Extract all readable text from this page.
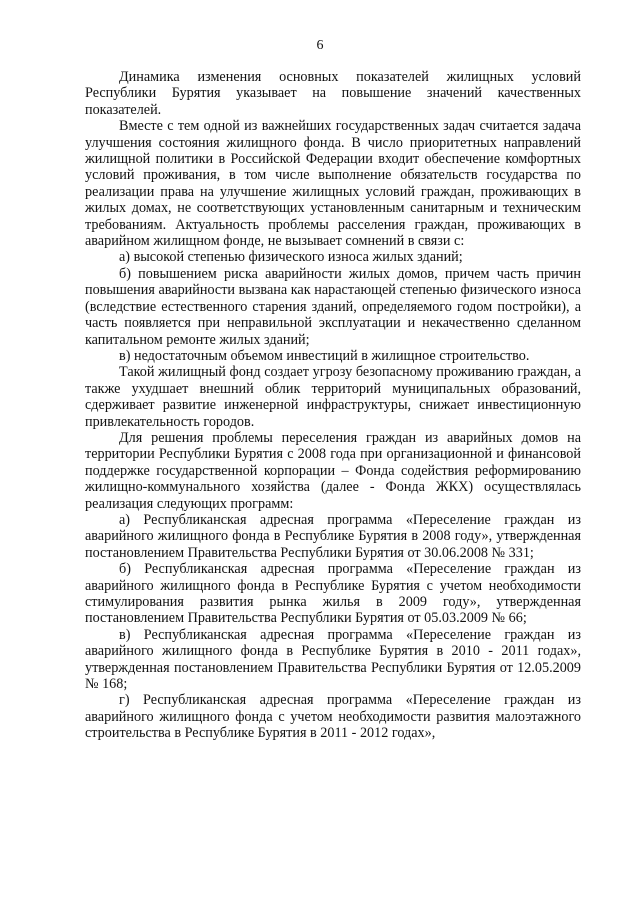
6

Динамика изменения основных показателей жилищных условий Республики Бурятия указывает на повышение значений качественных показателей.

Вместе с тем одной из важнейших государственных задач считается задача улучшения состояния жилищного фонда. В число приоритетных направлений жилищной политики в Российской Федерации входит обеспечение комфортных условий проживания, в том числе выполнение обязательств государства по реализации права на улучшение жилищных условий граждан, проживающих в жилых домах, не соответствующих установленным санитарным и техническим требованиям. Актуальность проблемы расселения граждан, проживающих в аварийном жилищном фонде, не вызывает сомнений в связи с:

а) высокой степенью физического износа жилых зданий;

б) повышением риска аварийности жилых домов, причем часть причин повышения аварийности вызвана как нарастающей степенью физического износа (вследствие естественного старения зданий, определяемого годом постройки), а часть появляется при неправильной эксплуатации и некачественно сделанном капитальном ремонте жилых зданий;

в) недостаточным объемом инвестиций в жилищное строительство.

Такой жилищный фонд создает угрозу безопасному проживанию граждан, а также ухудшает внешний облик территорий муниципальных образований, сдерживает развитие инженерной инфраструктуры, снижает инвестиционную привлекательность городов.

Для решения проблемы переселения граждан из аварийных домов на территории Республики Бурятия с 2008 года при организационной и финансовой поддержке государственной корпорации – Фонда содействия реформированию жилищно-коммунального хозяйства (далее - Фонда ЖКХ) осуществлялась реализация следующих программ:

а) Республиканская адресная программа «Переселение граждан из аварийного жилищного фонда в Республике Бурятия в 2008 году», утвержденная постановлением Правительства Республики Бурятия от 30.06.2008 № 331;

б) Республиканская адресная программа «Переселение граждан из аварийного жилищного фонда в Республике Бурятия с учетом необходимости стимулирования развития рынка жилья в 2009 году», утвержденная постановлением Правительства Республики Бурятия от 05.03.2009 № 66;

в) Республиканская адресная программа «Переселение граждан из аварийного жилищного фонда в Республике Бурятия в 2010 - 2011 годах», утвержденная постановлением Правительства Республики Бурятия от 12.05.2009 № 168;

г) Республиканская адресная программа «Переселение граждан из аварийного жилищного фонда с учетом необходимости развития малоэтажного строительства в Республике Бурятия в 2011 - 2012 годах»,
